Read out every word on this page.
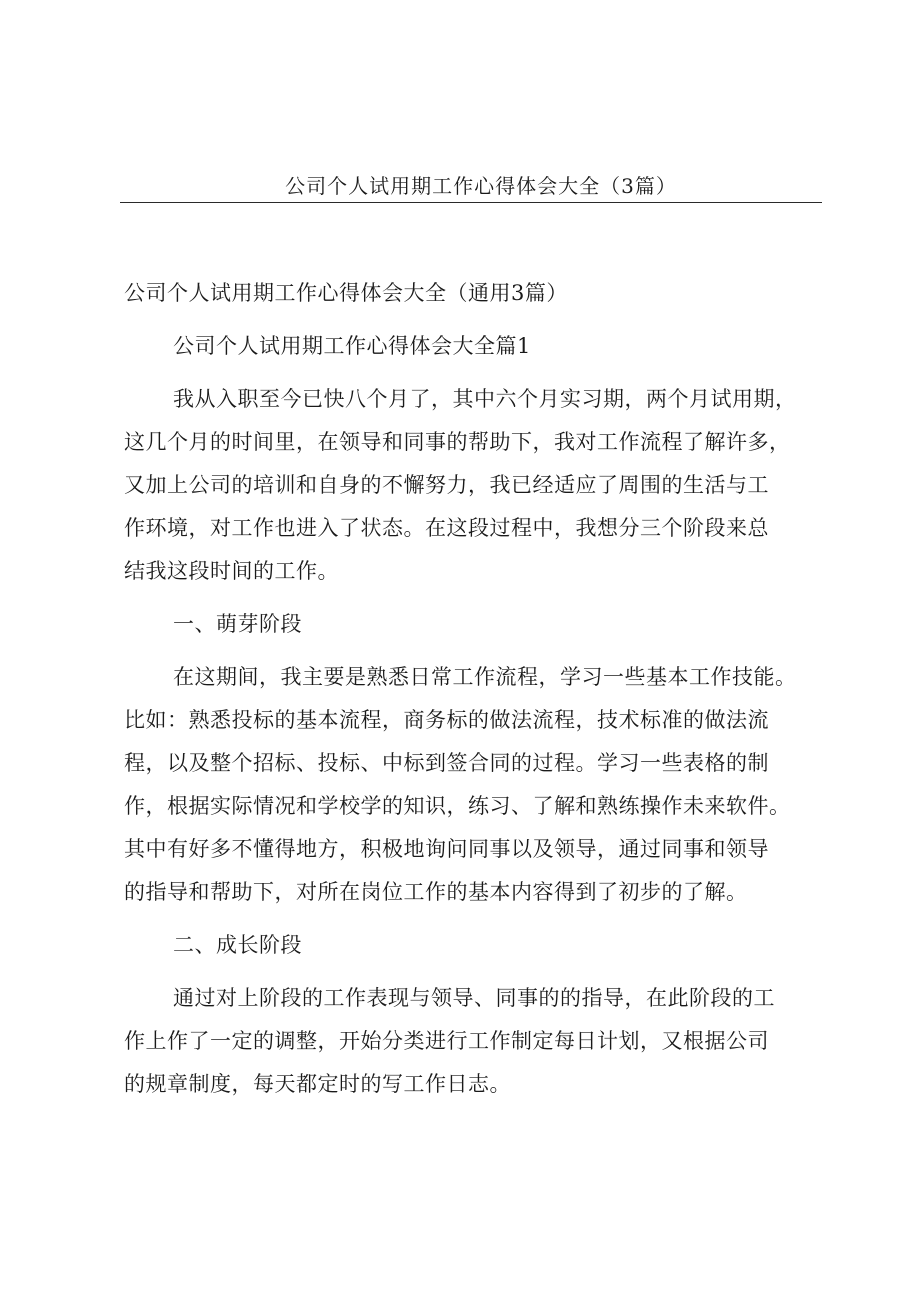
公司个人试用期工作心得体会大全（3篇）
公司个人试用期工作心得体会大全（通用3篇）
公司个人试用期工作心得体会大全篇1
我从入职至今已快八个月了，其中六个月实习期，两个月试用期，
这几个月的时间里，在领导和同事的帮助下，我对工作流程了解许多，
又加上公司的培训和自身的不懈努力，我已经适应了周围的生活与工
作环境，对工作也进入了状态。在这段过程中，我想分三个阶段来总
结我这段时间的工作。
一、萌芽阶段
在这期间，我主要是熟悉日常工作流程，学习一些基本工作技能。
比如：熟悉投标的基本流程，商务标的做法流程，技术标准的做法流
程，以及整个招标、投标、中标到签合同的过程。学习一些表格的制
作，根据实际情况和学校学的知识，练习、了解和熟练操作未来软件。
其中有好多不懂得地方，积极地询问同事以及领导，通过同事和领导
的指导和帮助下，对所在岗位工作的基本内容得到了初步的了解。
二、成长阶段
通过对上阶段的工作表现与领导、同事的的指导，在此阶段的工
作上作了一定的调整，开始分类进行工作制定每日计划，又根据公司
的规章制度，每天都定时的写工作日志。
